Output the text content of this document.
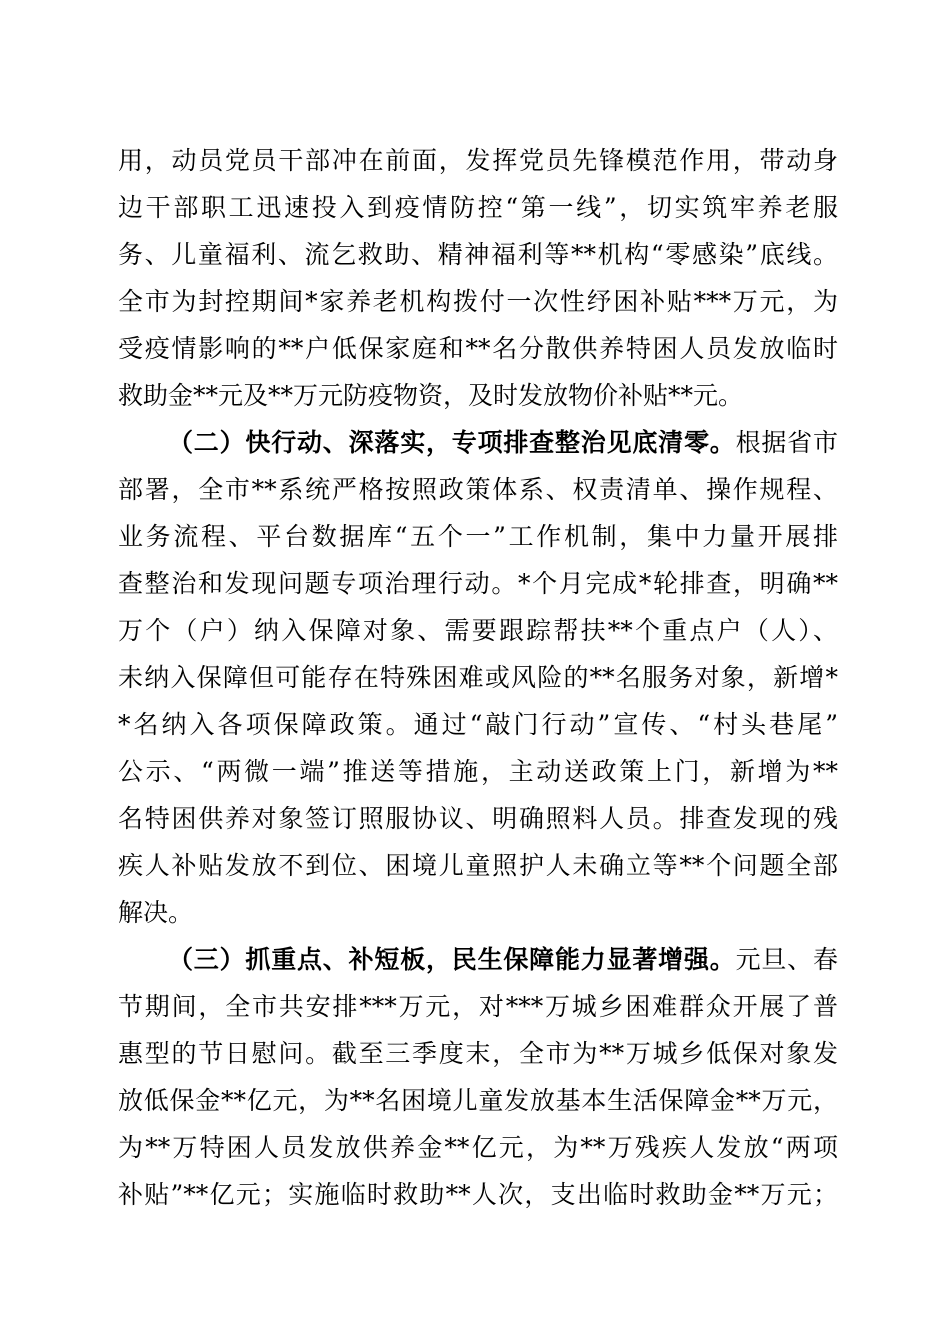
用，动员党员干部冲在前面，发挥党员先锋模范作用，带动身

边干部职工迅速投入到疫情防控“第一线”，切实筑牢养老服

务、儿童福利、流乞救助、精神福利等**机构“零感染”底线。

全市为封控期间*家养老机构拨付一次性纾困补贴***万元，为

受疫情影响的**户低保家庭和**名分散供养特困人员发放临时

救助金**元及**万元防疫物资，及时发放物价补贴**元。

（二）快行动、深落实，专项排查整治见底清零。根据省市

部署，全市**系统严格按照政策体系、权责清单、操作规程、

业务流程、平台数据库“五个一”工作机制，集中力量开展排

查整治和发现问题专项治理行动。*个月完成*轮排查，明确**

万个（户）纳入保障对象、需要跟踪帮扶**个重点户（人）、

未纳入保障但可能存在特殊困难或风险的**名服务对象，新增*

*名纳入各项保障政策。通过“敲门行动”宣传、“村头巷尾”

公示、“两微一端”推送等措施，主动送政策上门，新增为**

名特困供养对象签订照服协议、明确照料人员。排查发现的残

疾人补贴发放不到位、困境儿童照护人未确立等**个问题全部

解决。

（三）抓重点、补短板，民生保障能力显著增强。元旦、春

节期间，全市共安排***万元，对***万城乡困难群众开展了普

惠型的节日慰问。截至三季度末，全市为**万城乡低保对象发

放低保金**亿元，为**名困境儿童发放基本生活保障金**万元，

为**万特困人员发放供养金**亿元，为**万残疾人发放“两项

补贴”**亿元；实施临时救助**人次，支出临时救助金**万元；
